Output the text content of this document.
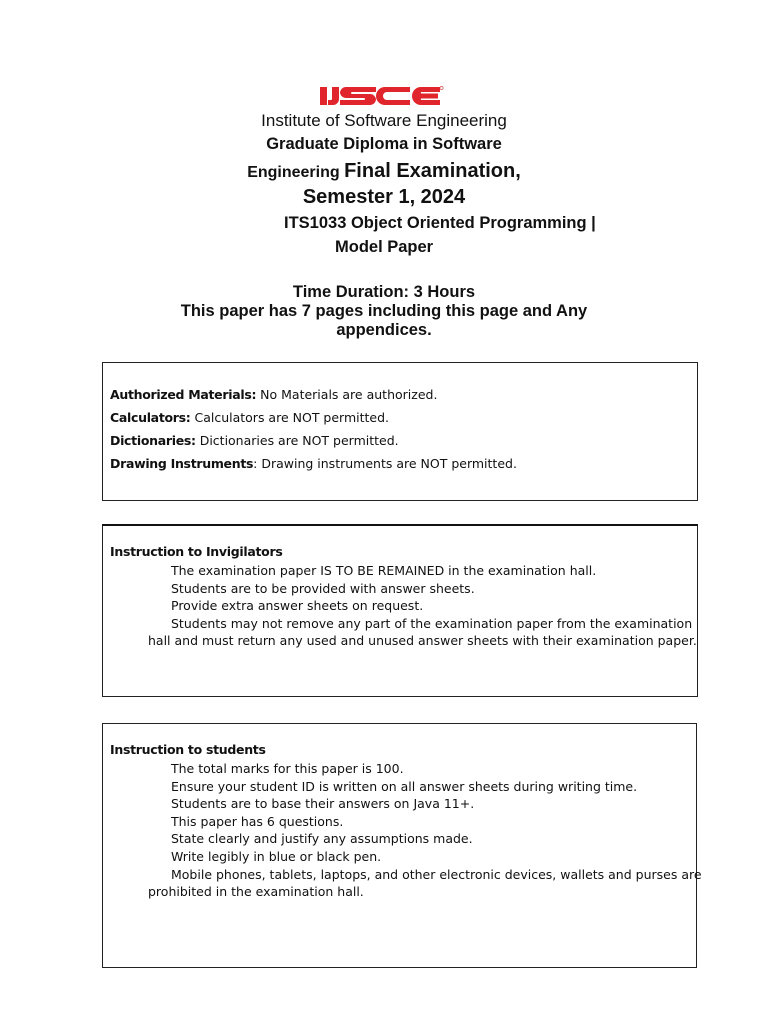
Institute of Software Engineering
Graduate Diploma in Software
Engineering Final Examination,
Semester 1, 2024
ITS1033 Object Oriented Programming |
Model Paper
Time Duration: 3 Hours
This paper has 7 pages including this page and Any
appendices.
Authorized Materials: No Materials are authorized.
Calculators: Calculators are NOT permitted.
Dictionaries: Dictionaries are NOT permitted.
Drawing Instruments: Drawing instruments are NOT permitted.
Instruction to Invigilators
The examination paper IS TO BE REMAINED in the examination hall.
Students are to be provided with answer sheets.
Provide extra answer sheets on request.
Students may not remove any part of the examination paper from the examination
hall and must return any used and unused answer sheets with their examination paper.
Instruction to students
The total marks for this paper is 100.
Ensure your student ID is written on all answer sheets during writing time.
Students are to base their answers on Java 11+.
This paper has 6 questions.
State clearly and justify any assumptions made.
Write legibly in blue or black pen.
Mobile phones, tablets, laptops, and other electronic devices, wallets and purses are
prohibited in the examination hall.
